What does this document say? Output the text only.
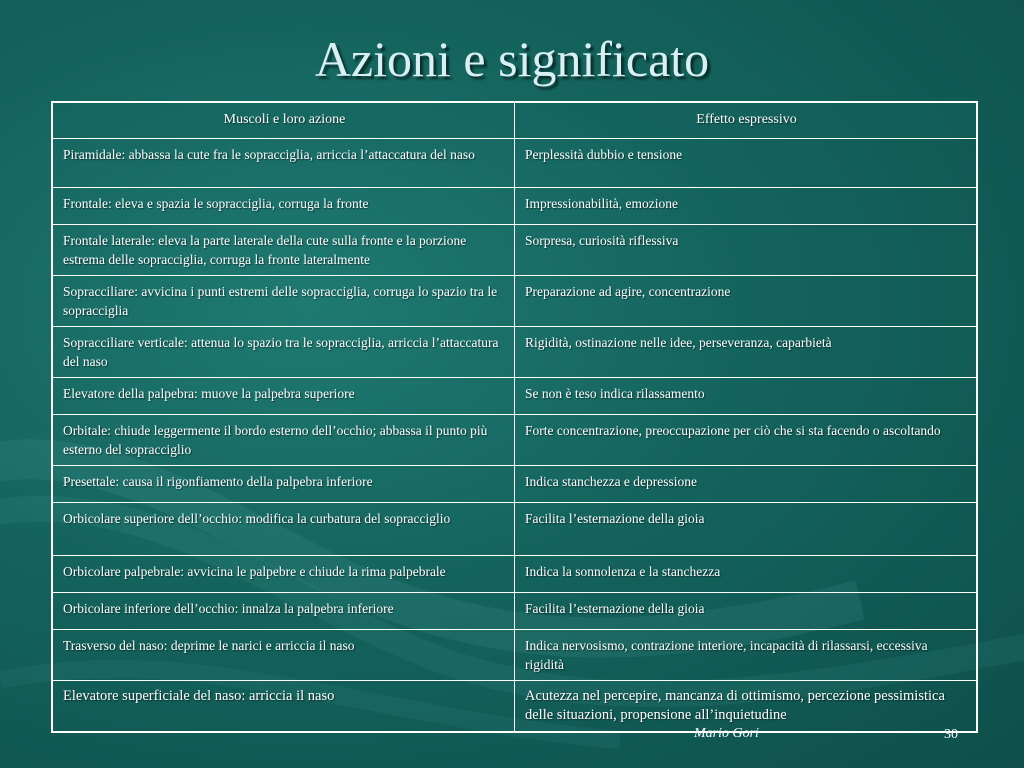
Azioni e significato
Muscoli e loro azione	Effetto espressivo
Piramidale: abbassa la cute fra le sopracciglia, arriccia l’attaccatura del naso	Perplessità dubbio e tensione
Frontale: eleva e spazia le sopracciglia, corruga la fronte	Impressionabilità, emozione
Frontale laterale: eleva la parte laterale della cute sulla fronte e la porzione estrema delle sopracciglia, corruga la fronte lateralmente	Sorpresa, curiosità riflessiva
Sopracciliare: avvicina i punti estremi delle sopracciglia, corruga lo spazio tra le sopracciglia	Preparazione ad agire, concentrazione
Sopracciliare verticale: attenua lo spazio tra le sopracciglia, arriccia l’attaccatura del naso	Rigidità, ostinazione nelle idee, perseveranza, caparbietà
Elevatore della palpebra: muove la palpebra superiore	Se non è teso indica rilassamento
Orbitale: chiude leggermente il bordo esterno dell’occhio; abbassa il punto più esterno del sopracciglio	Forte concentrazione, preoccupazione per ciò che si sta facendo o ascoltando
Presettale: causa il rigonfiamento della palpebra inferiore	Indica stanchezza e depressione
Orbicolare superiore dell’occhio: modifica la curbatura del sopracciglio	Facilita l’esternazione della gioia
Orbicolare palpebrale: avvicina le palpebre e chiude la rima palpebrale	Indica la sonnolenza e la stanchezza
Orbicolare inferiore dell’occhio: innalza la palpebra inferiore	Facilita l’esternazione della gioia
Trasverso del naso: deprime le narici e arriccia il naso	Indica nervosismo, contrazione interiore, incapacità di rilassarsi, eccessiva rigidità
Elevatore superficiale del naso: arriccia il naso	Acutezza nel percepire, mancanza di ottimismo, percezione pessimistica delle situazioni, propensione all’inquietudine
Mario Gori	30
